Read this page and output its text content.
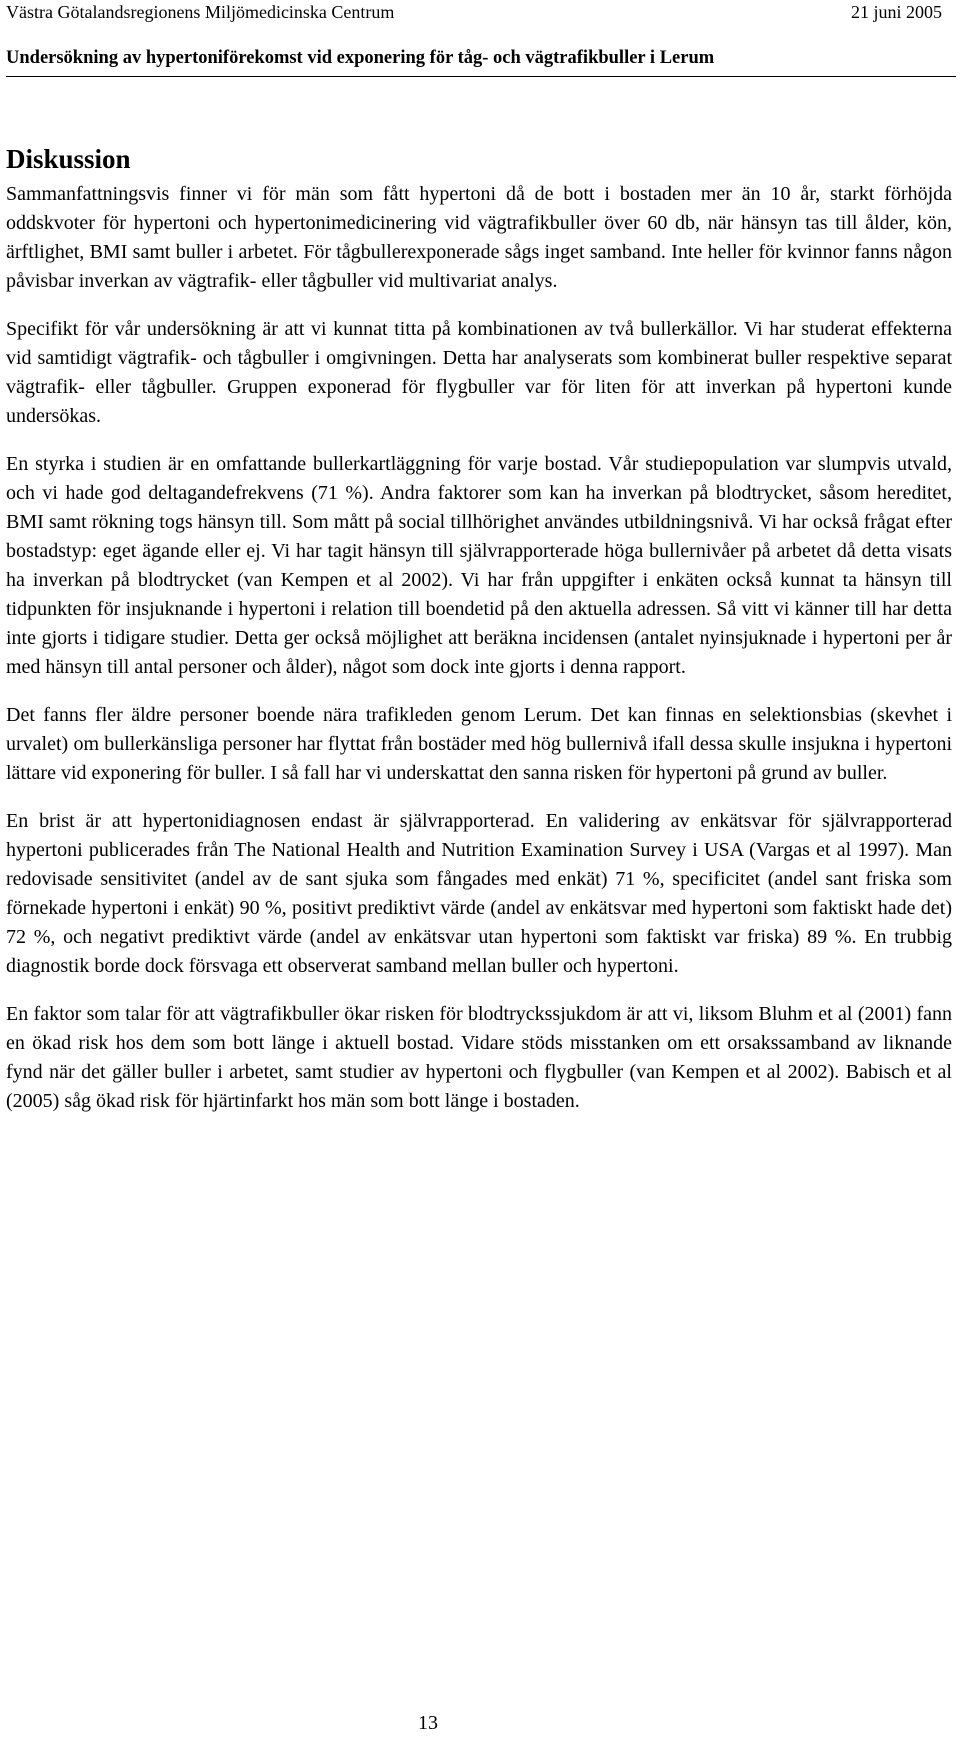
Västra Götalandsregionens Miljömedicinska Centrum	21 juni 2005
Undersökning av hypertoniförekomst vid exponering för tåg- och vägtrafikbuller i Lerum
Diskussion

Sammanfattningsvis finner vi för män som fått hypertoni då de bott i bostaden mer än 10 år, starkt förhöjda oddskvoter för hypertoni och hypertonimedicinering vid vägtrafikbuller över 60 db, när hänsyn tas till ålder, kön, ärftlighet, BMI samt buller i arbetet. För tågbullerexponerade sågs inget samband. Inte heller för kvinnor fanns någon påvisbar inverkan av vägtrafik- eller tågbuller vid multivariat analys.

Specifikt för vår undersökning är att vi kunnat titta på kombinationen av två bullerkällor. Vi har studerat effekterna vid samtidigt vägtrafik- och tågbuller i omgivningen. Detta har analyserats som kombinerat buller respektive separat vägtrafik- eller tågbuller. Gruppen exponerad för flygbuller var för liten för att inverkan på hypertoni kunde undersökas.

En styrka i studien är en omfattande bullerkartläggning för varje bostad. Vår studiepopulation var slumpvis utvald, och vi hade god deltagandefrekvens (71 %). Andra faktorer som kan ha inverkan på blodtrycket, såsom hereditet, BMI samt rökning togs hänsyn till. Som mått på social tillhörighet användes utbildningsnivå. Vi har också frågat efter bostadstyp: eget ägande eller ej. Vi har tagit hänsyn till självrapporterade höga bullernivåer på arbetet då detta visats ha inverkan på blodtrycket (van Kempen et al 2002). Vi har från uppgifter i enkäten också kunnat ta hänsyn till tidpunkten för insjuknande i hypertoni i relation till boendetid på den aktuella adressen. Så vitt vi känner till har detta inte gjorts i tidigare studier. Detta ger också möjlighet att beräkna incidensen (antalet nyinsjuknade i hypertoni per år med hänsyn till antal personer och ålder), något som dock inte gjorts i denna rapport.

Det fanns fler äldre personer boende nära trafikleden genom Lerum. Det kan finnas en selektionsbias (skevhet i urvalet) om bullerkänsliga personer har flyttat från bostäder med hög bullernivå ifall dessa skulle insjukna i hypertoni lättare vid exponering för buller. I så fall har vi underskattat den sanna risken för hypertoni på grund av buller.

En brist är att hypertonidiagnosen endast är självrapporterad. En validering av enkätsvar för självrapporterad hypertoni publicerades från The National Health and Nutrition Examination Survey i USA (Vargas et al 1997). Man redovisade sensitivitet (andel av de sant sjuka som fångades med enkät) 71 %, specificitet (andel sant friska som förnekade hypertoni i enkät) 90 %, positivt prediktivt värde (andel av enkätsvar med hypertoni som faktiskt hade det) 72 %, och negativt prediktivt värde (andel av enkätsvar utan hypertoni som faktiskt var friska) 89 %. En trubbig diagnostik borde dock försvaga ett observerat samband mellan buller och hypertoni.

En faktor som talar för att vägtrafikbuller ökar risken för blodtryckssjukdom är att vi, liksom Bluhm et al (2001) fann en ökad risk hos dem som bott länge i aktuell bostad. Vidare stöds misstanken om ett orsakssamband av liknande fynd när det gäller buller i arbetet, samt studier av hypertoni och flygbuller (van Kempen et al 2002). Babisch et al (2005) såg ökad risk för hjärtinfarkt hos män som bott länge i bostaden.

13
